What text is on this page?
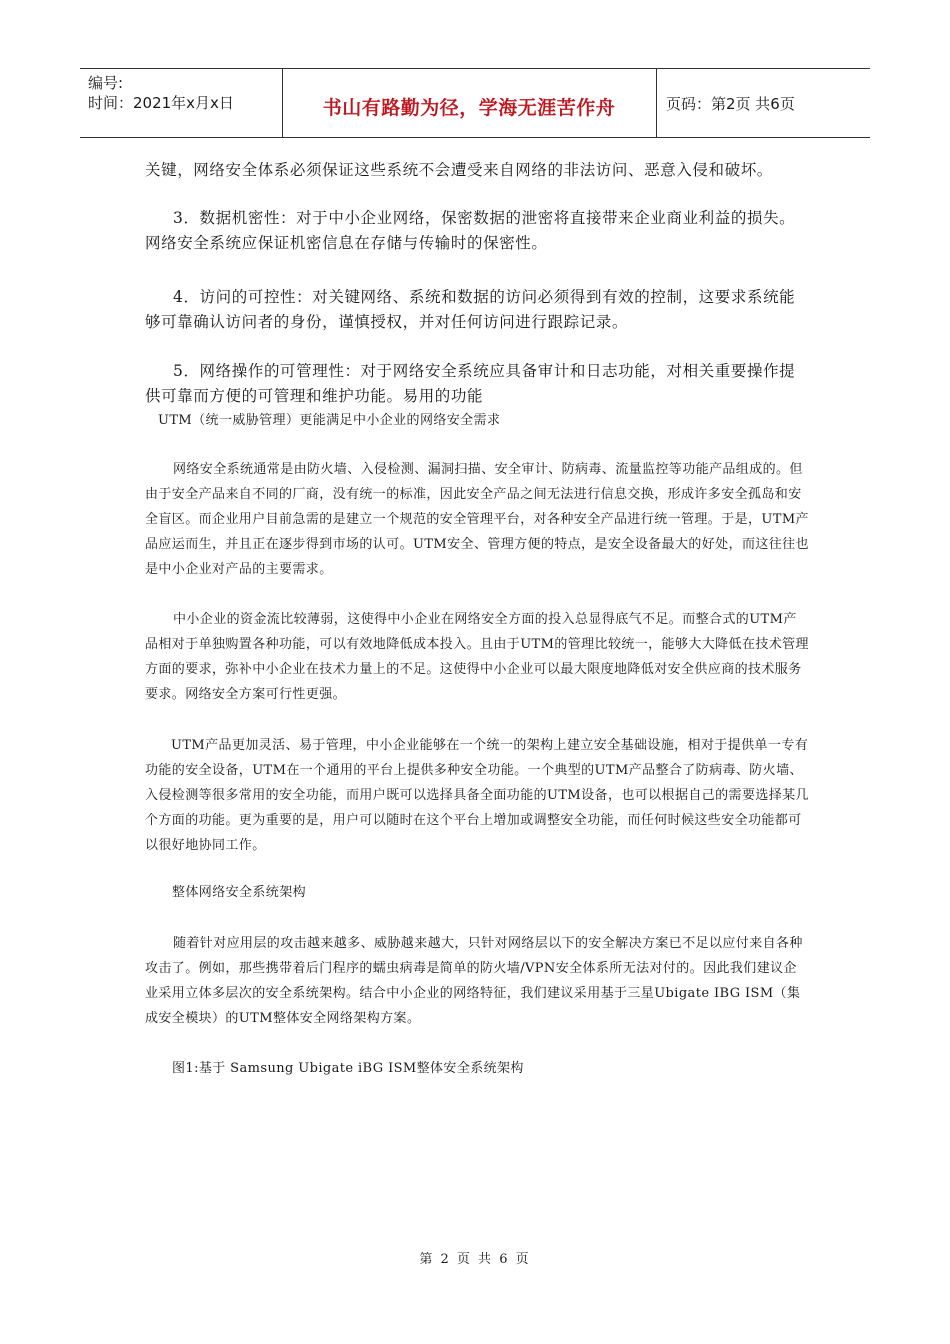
编号:
时间：2021年x月x日	书山有路勤为径，学海无涯苦作舟	页码：第2页 共6页

关键，网络安全体系必须保证这些系统不会遭受来自网络的非法访问、恶意入侵和破坏。

3．数据机密性：对于中小企业网络，保密数据的泄密将直接带来企业商业利益的损失。网络安全系统应保证机密信息在存储与传输时的保密性。

4．访问的可控性：对关键网络、系统和数据的访问必须得到有效的控制，这要求系统能够可靠确认访问者的身份，谨慎授权，并对任何访问进行跟踪记录。

5．网络操作的可管理性：对于网络安全系统应具备审计和日志功能，对相关重要操作提供可靠而方便的可管理和维护功能。易用的功能

UTM（统一威胁管理）更能满足中小企业的网络安全需求

网络安全系统通常是由防火墙、入侵检测、漏洞扫描、安全审计、防病毒、流量监控等功能产品组成的。但由于安全产品来自不同的厂商，没有统一的标准，因此安全产品之间无法进行信息交换，形成许多安全孤岛和安全盲区。而企业用户目前急需的是建立一个规范的安全管理平台，对各种安全产品进行统一管理。于是，UTM产品应运而生，并且正在逐步得到市场的认可。UTM安全、管理方便的特点，是安全设备最大的好处，而这往往也是中小企业对产品的主要需求。

中小企业的资金流比较薄弱，这使得中小企业在网络安全方面的投入总显得底气不足。而整合式的UTM产品相对于单独购置各种功能，可以有效地降低成本投入。且由于UTM的管理比较统一，能够大大降低在技术管理方面的要求，弥补中小企业在技术力量上的不足。这使得中小企业可以最大限度地降低对安全供应商的技术服务要求。网络安全方案可行性更强。

UTM产品更加灵活、易于管理，中小企业能够在一个统一的架构上建立安全基础设施，相对于提供单一专有功能的安全设备，UTM在一个通用的平台上提供多种安全功能。一个典型的UTM产品整合了防病毒、防火墙、入侵检测等很多常用的安全功能，而用户既可以选择具备全面功能的UTM设备，也可以根据自己的需要选择某几个方面的功能。更为重要的是，用户可以随时在这个平台上增加或调整安全功能，而任何时候这些安全功能都可以很好地协同工作。

整体网络安全系统架构

随着针对应用层的攻击越来越多、威胁越来越大，只针对网络层以下的安全解决方案已不足以应付来自各种攻击了。例如，那些携带着后门程序的蠕虫病毒是简单的防火墙/VPN安全体系所无法对付的。因此我们建议企业采用立体多层次的安全系统架构。结合中小企业的网络特征，我们建议采用基于三星Ubigate IBG ISM（集成安全模块）的UTM整体安全网络架构方案。

图1:基于 Samsung Ubigate iBG ISM整体安全系统架构

第 2 页 共 6 页
